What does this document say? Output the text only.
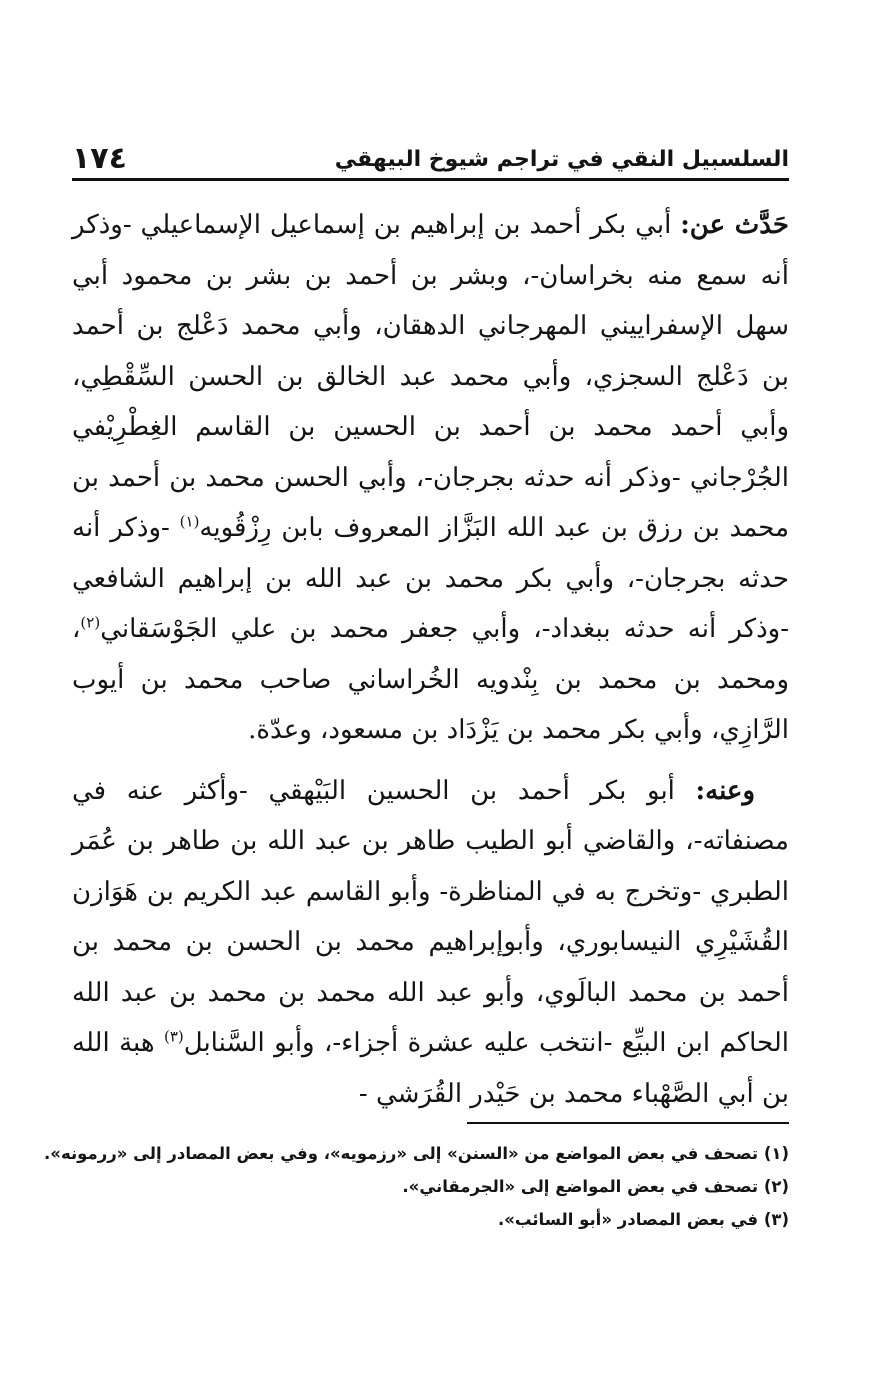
١٧٤	السلسبيل النقي في تراجم شيوخ البيهقي

حَدَّث عن: أبي بكر أحمد بن إبراهيم بن إسماعيل الإسماعيلي -وذكر أنه سمع منه بخراسان-، وبشر بن أحمد بن بشر بن محمود أبي سهل الإسفراييني المهرجاني الدهقان، وأبي محمد دَعْلج بن أحمد بن دَعْلج السجزي، وأبي محمد عبد الخالق بن الحسن السِّقْطِي، وأبي أحمد محمد بن أحمد بن الحسين بن القاسم الغِطْرِيْفي الجُرْجاني -وذكر أنه حدثه بجرجان-، وأبي الحسن محمد بن أحمد بن محمد بن رزق بن عبد الله البَزَّاز المعروف بابن رِزْقُويه$^{(١)}$ -وذكر أنه حدثه بجرجان-، وأبي بكر محمد بن عبد الله بن إبراهيم الشافعي -وذكر أنه حدثه ببغداد-، وأبي جعفر محمد بن علي الجَوْسَقاني$^{(٢)}$، ومحمد بن محمد بن بِنْدويه الخُراساني صاحب محمد بن أيوب الرَّازِي، وأبي بكر محمد بن يَزْدَاد بن مسعود، وعدّة.

وعنه: أبو بكر أحمد بن الحسين البَيْهقي -وأكثر عنه في مصنفاته-، والقاضي أبو الطيب طاهر بن عبد الله بن طاهر بن عُمَر الطبري -وتخرج به في المناظرة- وأبو القاسم عبد الكريم بن هَوَازن القُشَيْرِي النيسابوري، وأبوإبراهيم محمد بن الحسن بن محمد بن أحمد بن محمد البالَوي، وأبو عبد الله محمد بن محمد بن عبد الله الحاكم ابن البيِّع -انتخب عليه عشرة أجزاء-، وأبو السَّنابل$^{(٣)}$ هبة الله بن أبي الصَّهْباء محمد بن حَيْدر القُرَشي -

(١) تصحف في بعض المواضع من «السنن» إلى «رزمويه»، وفي بعض المصادر إلى «ررمونه».

(٢) تصحف في بعض المواضع إلى «الجرمقاني».

(٣) في بعض المصادر «أبو السائب».
